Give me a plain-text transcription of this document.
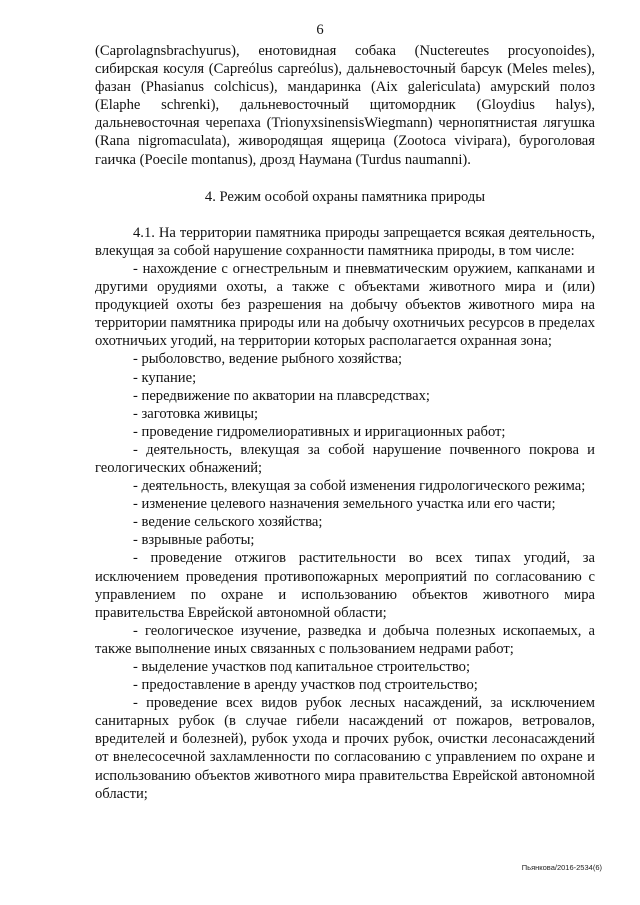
6

(Caprolagnsbrachyurus), енотовидная собака (Nuctereutes procyonoides), сибирская косуля (Capreólus capreólus), дальневосточный барсук (Meles meles), фазан (Phasianus colchicus), мандаринка (Aix galericulata) амурский полоз (Elaphe schrenki), дальневосточный щитомордник (Gloydius halys), дальневосточная черепаха (TrionyxsinensisWiegmann) чернопятнистая лягушка (Rana nigromaculata), живородящая ящерица (Zootoca vivipara), буроголовая гаичка (Poecile montanus), дрозд Наумана (Turdus naumanni).

4. Режим особой охраны памятника природы

4.1. На территории памятника природы запрещается всякая деятельность, влекущая за собой нарушение сохранности памятника природы, в том числе:

- нахождение с огнестрельным и пневматическим оружием, капканами и другими орудиями охоты, а также с объектами животного мира и (или) продукцией охоты без разрешения на добычу объектов животного мира на территории памятника природы или на добычу охотничьих ресурсов в пределах охотничьих угодий, на территории которых располагается охранная зона;

- рыболовство, ведение рыбного хозяйства;

- купание;

- передвижение по акватории на плавсредствах;

- заготовка живицы;

- проведение гидромелиоративных и ирригационных работ;

- деятельность, влекущая за собой нарушение почвенного покрова и геологических обнажений;

- деятельность, влекущая за собой изменения гидрологического режима;

- изменение целевого назначения земельного участка или его части;

- ведение сельского хозяйства;

- взрывные работы;

- проведение отжигов растительности во всех типах угодий, за исключением проведения противопожарных мероприятий по согласованию с управлением по охране и использованию объектов животного мира правительства Еврейской автономной области;

- геологическое изучение, разведка и добыча полезных ископаемых, а также выполнение иных связанных с пользованием недрами работ;

- выделение участков под капитальное строительство;

- предоставление в аренду участков под строительство;

- проведение всех видов рубок лесных насаждений, за исключением санитарных рубок (в случае гибели насаждений от пожаров, ветровалов, вредителей и болезней), рубок ухода и прочих рубок, очистки лесонасаждений от внелесосечной захламленности по согласованию с управлением по охране и использованию объектов животного мира правительства Еврейской автономной области;

Пьянкова/2016-2534(6)
